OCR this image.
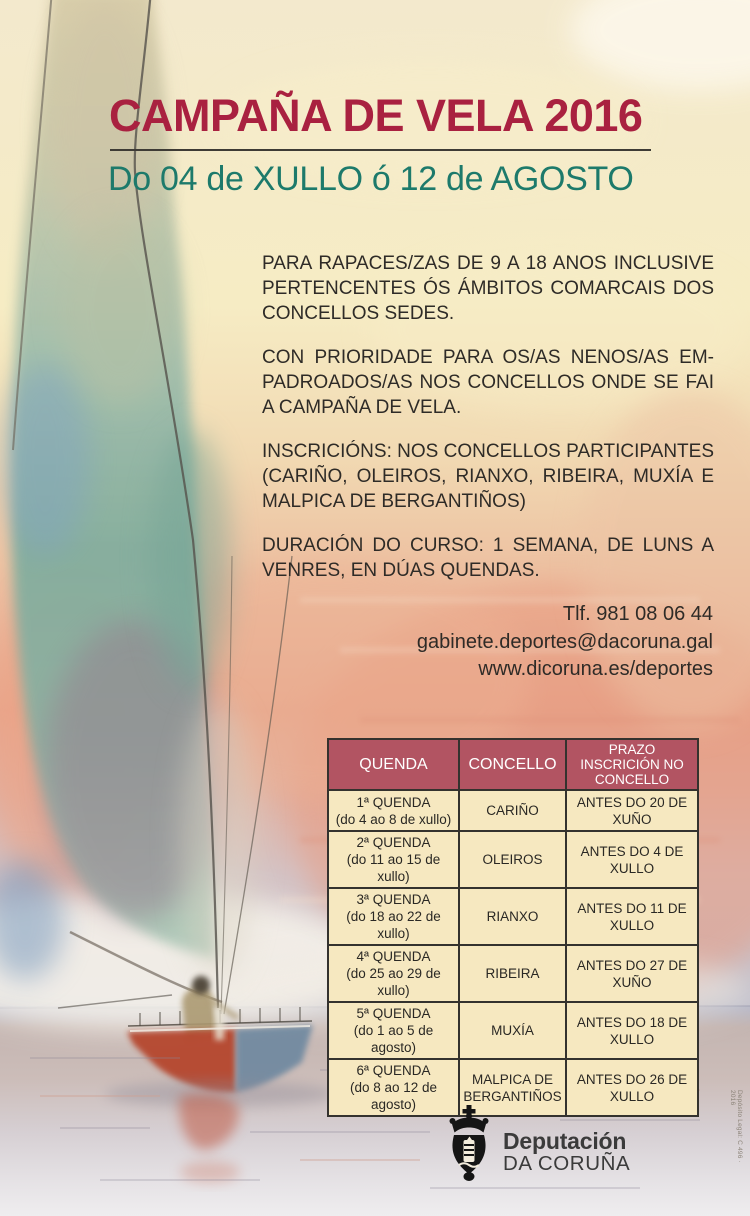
CAMPAÑA DE VELA 2016
Do 04 de XULLO ó 12 de AGOSTO

PARA RAPACES/ZAS DE 9 A 18 ANOS INCLUSIVE PERTENCENTES ÓS ÁMBITOS COMARCAIS DOS CONCELLOS SEDES.

CON PRIORIDADE PARA OS/AS NENOS/AS EM-PADROADOS/AS NOS CONCELLOS ONDE SE FAI A CAMPAÑA DE VELA.

INSCRICIÓNS: NOS CONCELLOS PARTICIPANTES (CARIÑO, OLEIROS, RIANXO, RIBEIRA, MUXÍA E MALPICA DE BERGANTIÑOS)

DURACIÓN DO CURSO: 1 SEMANA, DE LUNS A VENRES, EN DÚAS QUENDAS.

Tlf. 981 08 06 44
gabinete.deportes@dacoruna.gal
www.dicoruna.es/deportes
QUENDA	CONCELLO	PRAZO INSCRICIÓN NO CONCELLO

1ª QUENDA
(do 4 ao 8 de xullo)	CARIÑO	ANTES DO 20 DE XUÑO

2ª QUENDA
(do 11 ao 15 de xullo)	OLEIROS	ANTES DO 4 DE XULLO

3ª QUENDA
(do 18 ao 22 de xullo)	RIANXO	ANTES DO 11 DE XULLO

4ª QUENDA
(do 25 ao 29 de xullo)	RIBEIRA	ANTES DO 27 DE XUÑO

5ª QUENDA
(do 1 ao 5 de agosto)	MUXÍA	ANTES DO 18 DE XULLO

6ª QUENDA
(do 8 ao 12 de agosto)	MALPICA DE BERGANTIÑOS	ANTES DO 26 DE XULLO
Deputación
DA CORUÑA
Depósito Legal: C 496 · 2016
